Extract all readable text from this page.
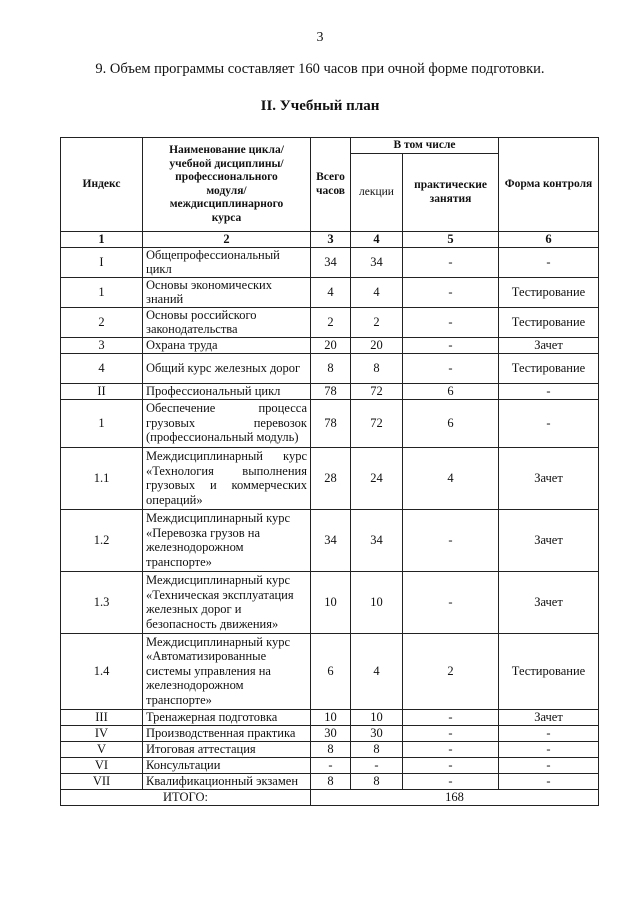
3
9. Объем программы составляет 160 часов при очной форме подготовки.
II. Учебный план
Индекс	Наименование цикла/ учебной дисциплины/ профессионального модуля/ междисциплинарного курса	Всего часов	В том числе		Форма контроля
			лекции	практические занятия	
1	2	3	4	5	6
I	Общепрофессиональный цикл	34	34	-	-
1	Основы экономических знаний	4	4	-	Тестирование
2	Основы российского законодательства	2	2	-	Тестирование
3	Охрана труда	20	20	-	Зачет
4	Общий курс железных дорог	8	8	-	Тестирование
II	Профессиональный цикл	78	72	6	-
1	Обеспечение процесса грузовых перевозок (профессиональный модуль)	78	72	6	-
1.1	Междисциплинарный курс «Технология выполнения грузовых и коммерческих операций»	28	24	4	Зачет
1.2	Междисциплинарный курс «Перевозка грузов на железнодорожном транспорте»	34	34	-	Зачет
1.3	Междисциплинарный курс «Техническая эксплуатация железных дорог и безопасность движения»	10	10	-	Зачет
1.4	Междисциплинарный курс «Автоматизированные системы управления на железнодорожном транспорте»	6	4	2	Тестирование
III	Тренажерная подготовка	10	10	-	Зачет
IV	Производственная практика	30	30	-	-
V	Итоговая аттестация	8	8	-	-
VI	Консультации	-	-	-	-
VII	Квалификационный экзамен	8	8	-	-
ИТОГО:		168			
